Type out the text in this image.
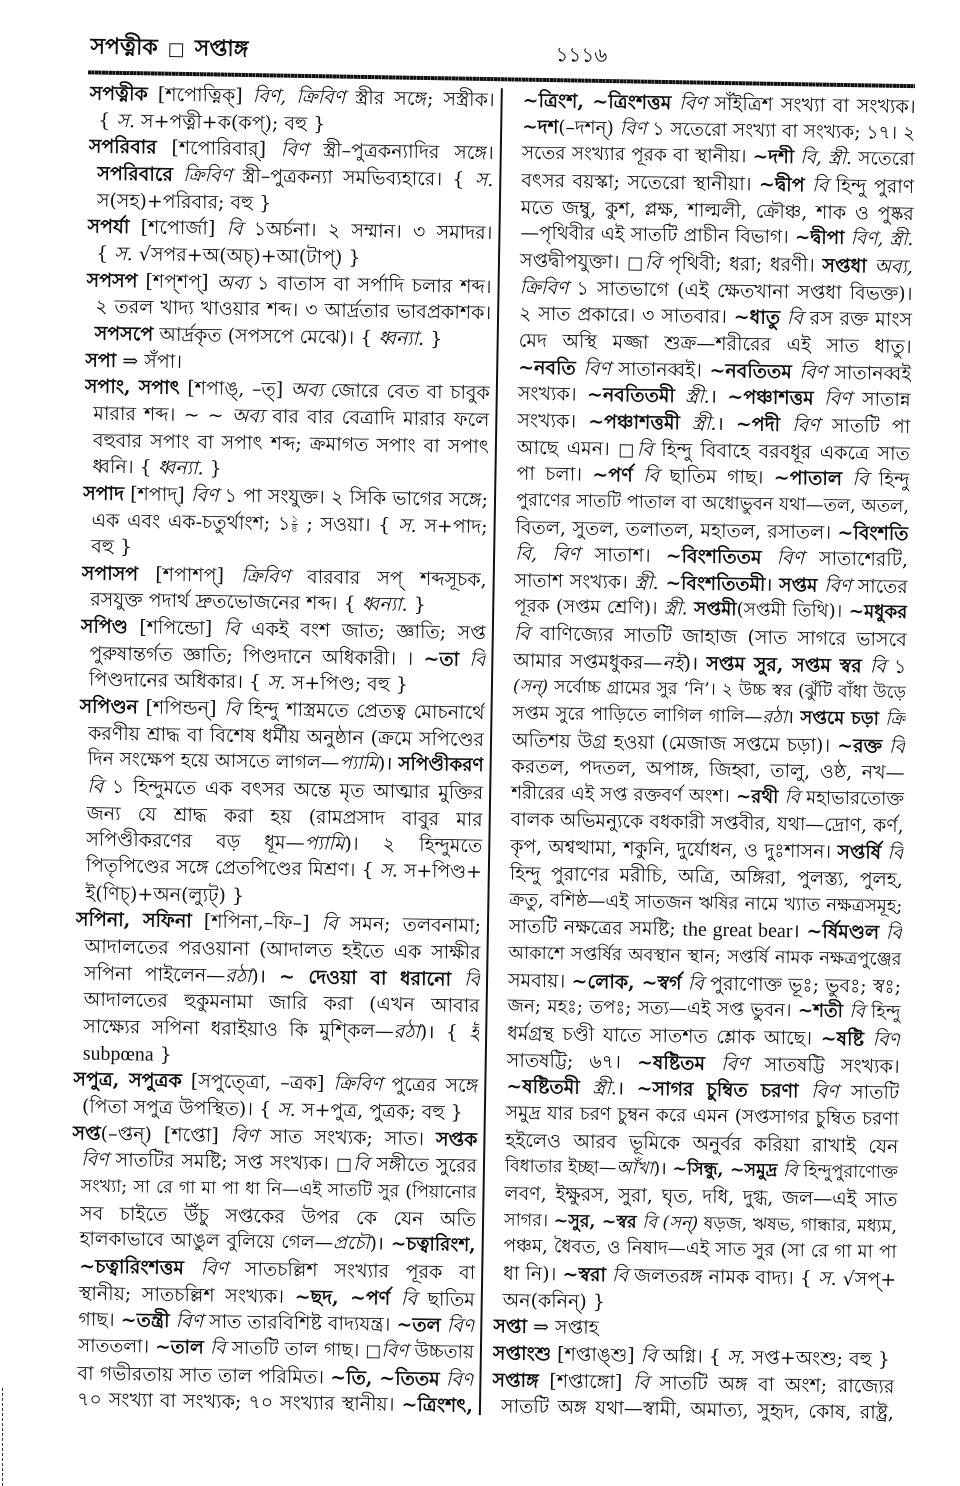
সপত্নীক □ সপ্তাঙ্গ	১১১৬
সপত্নীক [শপোত্নিক্] বিণ, ক্রিবিণ স্ত্রীর সঙ্গে; সস্ত্রীক।
{ স. স+পত্নী+ক(কপ্); বহু }
সপরিবার [শপোরিবার্] বিণ স্ত্রী–পুত্রকন্যাদির সঙ্গে।
সপরিবারে ক্রিবিণ স্ত্রী–পুত্রকন্যা সমভিব্যহারে। { স.
স(সহ)+পরিবার; বহু }
সপর্যা [শপোর্জা] বি ১অর্চনা। ২ সম্মান। ৩ সমাদর।
{ স. √সপর+অ(অচ্)+আ(টাপ্) }
সপসপ [শপ্শপ্] অব্য ১ বাতাস বা সর্পাদি চলার শব্দ।
২ তরল খাদ্য খাওয়ার শব্দ। ৩ আর্দ্রতার ভাবপ্রকাশক।
সপসপে আর্দ্রকৃত (সপসপে মেঝে)। { ধ্বন্যা. }
সপা ⇒ সঁপা।
সপাং, সপাৎ [শপাঙ্, –ত্] অব্য জোরে বেত বা চাবুক
মারার শব্দ। ~ ~ অব্য বার বার বেত্রাদি মারার ফলে
বহুবার সপাং বা সপাৎ শব্দ; ক্রমাগত সপাং বা সপাৎ
ধ্বনি। { ধ্বন্যা. }
সপাদ [শপাদ্] বিণ ১ পা সংযুক্ত। ২ সিকি ভাগের সঙ্গে;
এক এবং এক-চতুর্থাংশ; ১ $\frac{১}{৪}$ ; সওয়া। { স. স+পাদ;
বহু }
সপাসপ [শপাশপ্] ক্রিবিণ বারবার সপ্ শব্দসূচক,
রসযুক্ত পদার্থ দ্রুতভোজনের শব্দ। { ধ্বন্যা. }
সপিণ্ড [শপিন্ডো] বি একই বংশ জাত; জ্ঞাতি; সপ্ত
পুরুষান্তর্গত জ্ঞাতি; পিণ্ডদানে অধিকারী। । ~তা বি
পিণ্ডদানের অধিকার। { স. স+পিণ্ড; বহু }
সপিণ্ডন [শপিন্ডন্] বি হিন্দু শাস্ত্রমতে প্রেতত্ব মোচনার্থে
করণীয় শ্রাদ্ধ বা বিশেষ ধর্মীয় অনুষ্ঠান (ক্রমে সপিণ্ডের
দিন সংক্ষেপ হয়ে আসতে লাগল—প্যামি)। সপিণ্ডীকরণ
বি ১ হিন্দুমতে এক বৎসর অন্তে মৃত আত্মার মুক্তির
জন্য যে শ্রাদ্ধ করা হয় (রামপ্রসাদ বাবুর মার
সপিণ্ডীকরণের বড় ধূম—প্যামি)। ২ হিন্দুমতে
পিতৃপিণ্ডের সঙ্গে প্রেতপিণ্ডের মিশ্রণ। { স. স+পিণ্ড+
ই(ণিচ্)+অন(ল্যুট্) }
সপিনা, সফিনা [শপিনা,–ফি–] বি সমন; তলবনামা;
আদালতের পরওয়ানা (আদালত হইতে এক সাক্ষীর
সপিনা পাইলেন—রঠা)। ~ দেওয়া বা ধরানো বি
আদালতের হুকুমনামা জারি করা (এখন আবার
সাক্ষ্যের সপিনা ধরাইয়াও কি মুশ্কিল—রঠা)। { ই
subpœna }
সপুত্র, সপুত্রক [সপুত্ত্রো, –ত্রক] ক্রিবিণ পুত্রের সঙ্গে
(পিতা সপুত্র উপস্থিত)। { স. স+পুত্র, পুত্রক; বহু }
সপ্ত(–প্তন্) [শপ্তো] বিণ সাত সংখ্যক; সাত। সপ্তক
বিণ সাতটির সমষ্টি; সপ্ত সংখ্যক। □বি সঙ্গীতে সুরের
সংখ্যা; সা রে গা মা পা ধা নি—এই সাতটি সুর (পিয়ানোর
সব চাইতে উঁচু সপ্তকের উপর কে যেন অতি
হালকাভাবে আঙুল বুলিয়ে গেল—প্রচৌ)। ~চত্বারিংশ,
~চত্বারিংশত্তম বিণ সাতচল্লিশ সংখ্যার পূরক বা
স্থানীয়; সাতচল্লিশ সংখ্যক। ~ছদ, ~পর্ণ বি ছাতিম
গাছ। ~তন্ত্রী বিণ সাত তারবিশিষ্ট বাদ্যযন্ত্র। ~তল বিণ
সাততলা। ~তাল বি সাতটি তাল গাছ। □বিণ উচ্চতায়
বা গভীরতায় সাত তাল পরিমিত। ~তি, ~তিতম বিণ
৭০ সংখ্যা বা সংখ্যক; ৭০ সংখ্যার স্থানীয়। ~ত্রিংশৎ,
~ত্রিংশ, ~ত্রিংশত্তম বিণ সাঁইত্রিশ সংখ্যা বা সংখ্যক।
~দশ(–দশন্) বিণ ১ সতেরো সংখ্যা বা সংখ্যক; ১৭। ২
সতের সংখ্যার পূরক বা স্থানীয়। ~দশী বি, স্ত্রী. সতেরো
বৎসর বয়স্কা; সতেরো স্থানীয়া। ~দ্বীপ বি হিন্দু পুরাণ
মতে জম্বু, কুশ, প্লক্ষ, শাল্মলী, ক্রৌঞ্চ, শাক ও পুষ্কর
—পৃথিবীর এই সাতটি প্রাচীন বিভাগ। ~দ্বীপা বিণ, স্ত্রী.
সপ্তদ্বীপযুক্তা। □বি পৃথিবী; ধরা; ধরণী। সপ্তধা অব্য,
ক্রিবিণ ১ সাতভাগে (এই ক্ষেতখানা সপ্তধা বিভক্ত)।
২ সাত প্রকারে। ৩ সাতবার। ~ধাতু বি রস রক্ত মাংস
মেদ অস্থি মজ্জা শুক্র—শরীরের এই সাত ধাতু।
~নবতি বিণ সাতানব্বই। ~নবতিতম বিণ সাতানব্বই
সংখ্যক। ~নবতিতমী স্ত্রী.। ~পঞ্চাশত্তম বিণ সাতান্ন
সংখ্যক। ~পঞ্চাশত্তমী স্ত্রী.। ~পদী বিণ সাতটি পা
আছে এমন। □বি হিন্দু বিবাহে বরবধূর একত্রে সাত
পা চলা। ~পর্ণ বি ছাতিম গাছ। ~পাতাল বি হিন্দু
পুরাণের সাতটি পাতাল বা অধোভুবন যথা—তল, অতল,
বিতল, সুতল, তলাতল, মহাতল, রসাতল। ~বিংশতি
বি, বিণ সাতাশ। ~বিংশতিতম বিণ সাতাশেরটি,
সাতাশ সংখ্যক। স্ত্রী. ~বিংশতিতমী। সপ্তম বিণ সাতের
পূরক (সপ্তম শ্রেণি)। স্ত্রী. সপ্তমী(সপ্তমী তিথি)। ~মধুকর
বি বাণিজ্যের সাতটি জাহাজ (সাত সাগরে ভাসবে
আমার সপ্তমধুকর—নই)। সপ্তম সুর, সপ্তম স্বর বি ১
(সন্) সর্বোচ্চ গ্রামের সুর ‘নি’। ২ উচ্চ স্বর (ঝুঁটি বাঁধা উড়ে
সপ্তম সুরে পাড়িতে লাগিল গালি—রঠা। সপ্তমে চড়া ক্রি
অতিশয় উগ্র হওয়া (মেজাজ সপ্তমে চড়া)। ~রক্ত বি
করতল, পদতল, অপাঙ্গ, জিহ্বা, তালু, ওষ্ঠ, নখ—
শরীরের এই সপ্ত রক্তবর্ণ অংশ। ~রথী বি মহাভারতোক্ত
বালক অভিমন্যুকে বধকারী সপ্তবীর, যথা—দ্রোণ, কর্ণ,
কৃপ, অশ্বত্থামা, শকুনি, দুর্যোধন, ও দুঃশাসন। সপ্তর্ষি বি
হিন্দু পুরাণের মরীচি, অত্রি, অঙ্গিরা, পুলস্ত্য, পুলহ,
ক্রতু, বশিষ্ঠ—এই সাতজন ঋষির নামে খ্যাত নক্ষত্রসমূহ;
সাতটি নক্ষত্রের সমষ্টি; the great bear। ~র্ষিমণ্ডল বি
আকাশে সপ্তর্ষির অবস্থান স্থান; সপ্তর্ষি নামক নক্ষত্রপুঞ্জের
সমবায়। ~লোক, ~স্বর্গ বি পুরাণোক্ত ভূঃ; ভুবঃ; স্বঃ;
জন; মহঃ; তপঃ; সত্য—এই সপ্ত ভুবন। ~শতী বি হিন্দু
ধর্মগ্রন্থ চণ্ডী যাতে সাতশত শ্লোক আছে। ~ষষ্টি বিণ
সাতষট্টি; ৬৭। ~ষষ্টিতম বিণ সাতষট্টি সংখ্যক।
~ষষ্টিতমী স্ত্রী.। ~সাগর চুম্বিত চরণা বিণ সাতটি
সমুদ্র যার চরণ চুম্বন করে এমন (সপ্তসাগর চুম্বিত চরণা
হইলেও আরব ভূমিকে অনুর্বর করিয়া রাখাই যেন
বিধাতার ইচ্ছা—আঁখা)। ~সিন্ধু, ~সমুদ্র বি হিন্দুপুরাণোক্ত
লবণ, ইক্ষুরস, সুরা, ঘৃত, দধি, দুগ্ধ, জল—এই সাত
সাগর। ~সুর, ~স্বর বি (সন্) ষড়জ, ঋষভ, গান্ধার, মধ্যম,
পঞ্চম, ধৈবত, ও নিষাদ—এই সাত সুর (সা রে গা মা পা
ধা নি)। ~স্বরা বি জলতরঙ্গ নামক বাদ্য। { স. √সপ্+
অন(কনিন্) }
সপ্তা ⇒ সপ্তাহ
সপ্তাংশু [শপ্তাঙ্শু] বি অগ্নি। { স. সপ্ত+অংশু; বহু }
সপ্তাঙ্গ [শপ্তাঙ্গো] বি সাতটি অঙ্গ বা অংশ; রাজ্যের
সাতটি অঙ্গ যথা—স্বামী, অমাত্য, সুহৃদ, কোষ, রাষ্ট্র,
